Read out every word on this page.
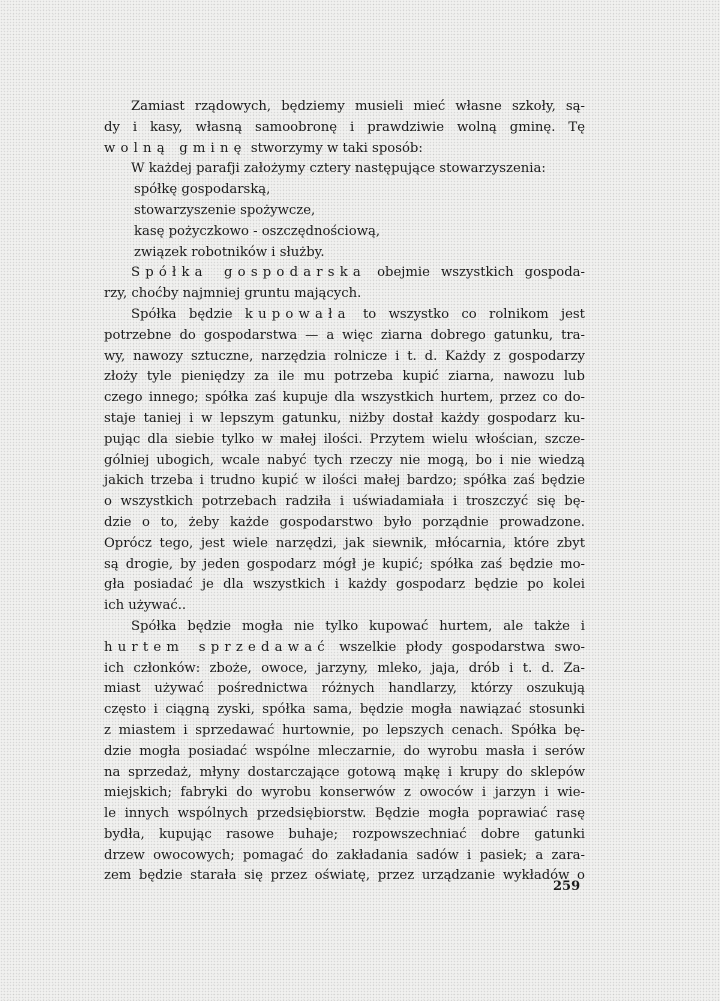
Zamiast rządowych, będziemy musieli mieć własne szkoły, są-
dy i kasy, własną samoobronę i prawdziwie wolną gminę. Tę
wolną gminę stworzymy w taki sposób:
W każdej parafji założymy cztery następujące stowarzyszenia:
spółkę gospodarską,
stowarzyszenie spożywcze,
kasę pożyczkowo - oszczędnościową,
związek robotników i służby.
Spółka gospodarska obejmie wszystkich gospoda-
rzy, choćby najmniej gruntu mających.
Spółka będzie kupowała to wszystko co rolnikom jest
potrzebne do gospodarstwa — a więc ziarna dobrego gatunku, tra-
wy, nawozy sztuczne, narzędzia rolnicze i t. d. Każdy z gospodarzy
złoży tyle pieniędzy za ile mu potrzeba kupić ziarna, nawozu lub
czego innego; spółka zaś kupuje dla wszystkich hurtem, przez co do-
staje taniej i w lepszym gatunku, niżby dostał każdy gospodarz ku-
pując dla siebie tylko w małej ilości. Przytem wielu włościan, szcze-
gólniej ubogich, wcale nabyć tych rzeczy nie mogą, bo i nie wiedzą
jakich trzeba i trudno kupić w ilości małej bardzo; spółka zaś będzie
o wszystkich potrzebach radziła i uświadamiała i troszczyć się bę-
dzie o to, żeby każde gospodarstwo było porządnie prowadzone.
Oprócz tego, jest wiele narzędzi, jak siewnik, młócarnia, które zbyt
są drogie, by jeden gospodarz mógł je kupić; spółka zaś będzie mo-
gła posiadać je dla wszystkich i każdy gospodarz będzie po kolei
ich używać..
Spółka będzie mogła nie tylko kupować hurtem, ale także i
hurtem sprzedawać wszelkie płody gospodarstwa swo-
ich członków: zboże, owoce, jarzyny, mleko, jaja, drób i t. d. Za-
miast używać pośrednictwa różnych handlarzy, którzy oszukują
często i ciągną zyski, spółka sama, będzie mogła nawiązać stosunki
z miastem i sprzedawać hurtownie, po lepszych cenach. Spółka bę-
dzie mogła posiadać wspólne mleczarnie, do wyrobu masła i serów
na sprzedaż, młyny dostarczające gotową mąkę i krupy do sklepów
miejskich; fabryki do wyrobu konserwów z owoców i jarzyn i wie-
le innych wspólnych przedsiębiorstw. Będzie mogła poprawiać rasę
bydła, kupując rasowe buhaje; rozpowszechniać dobre gatunki
drzew owocowych; pomagać do zakładania sadów i pasiek; a zara-
zem będzie starała się przez oświatę, przez urządzanie wykładów o
259
